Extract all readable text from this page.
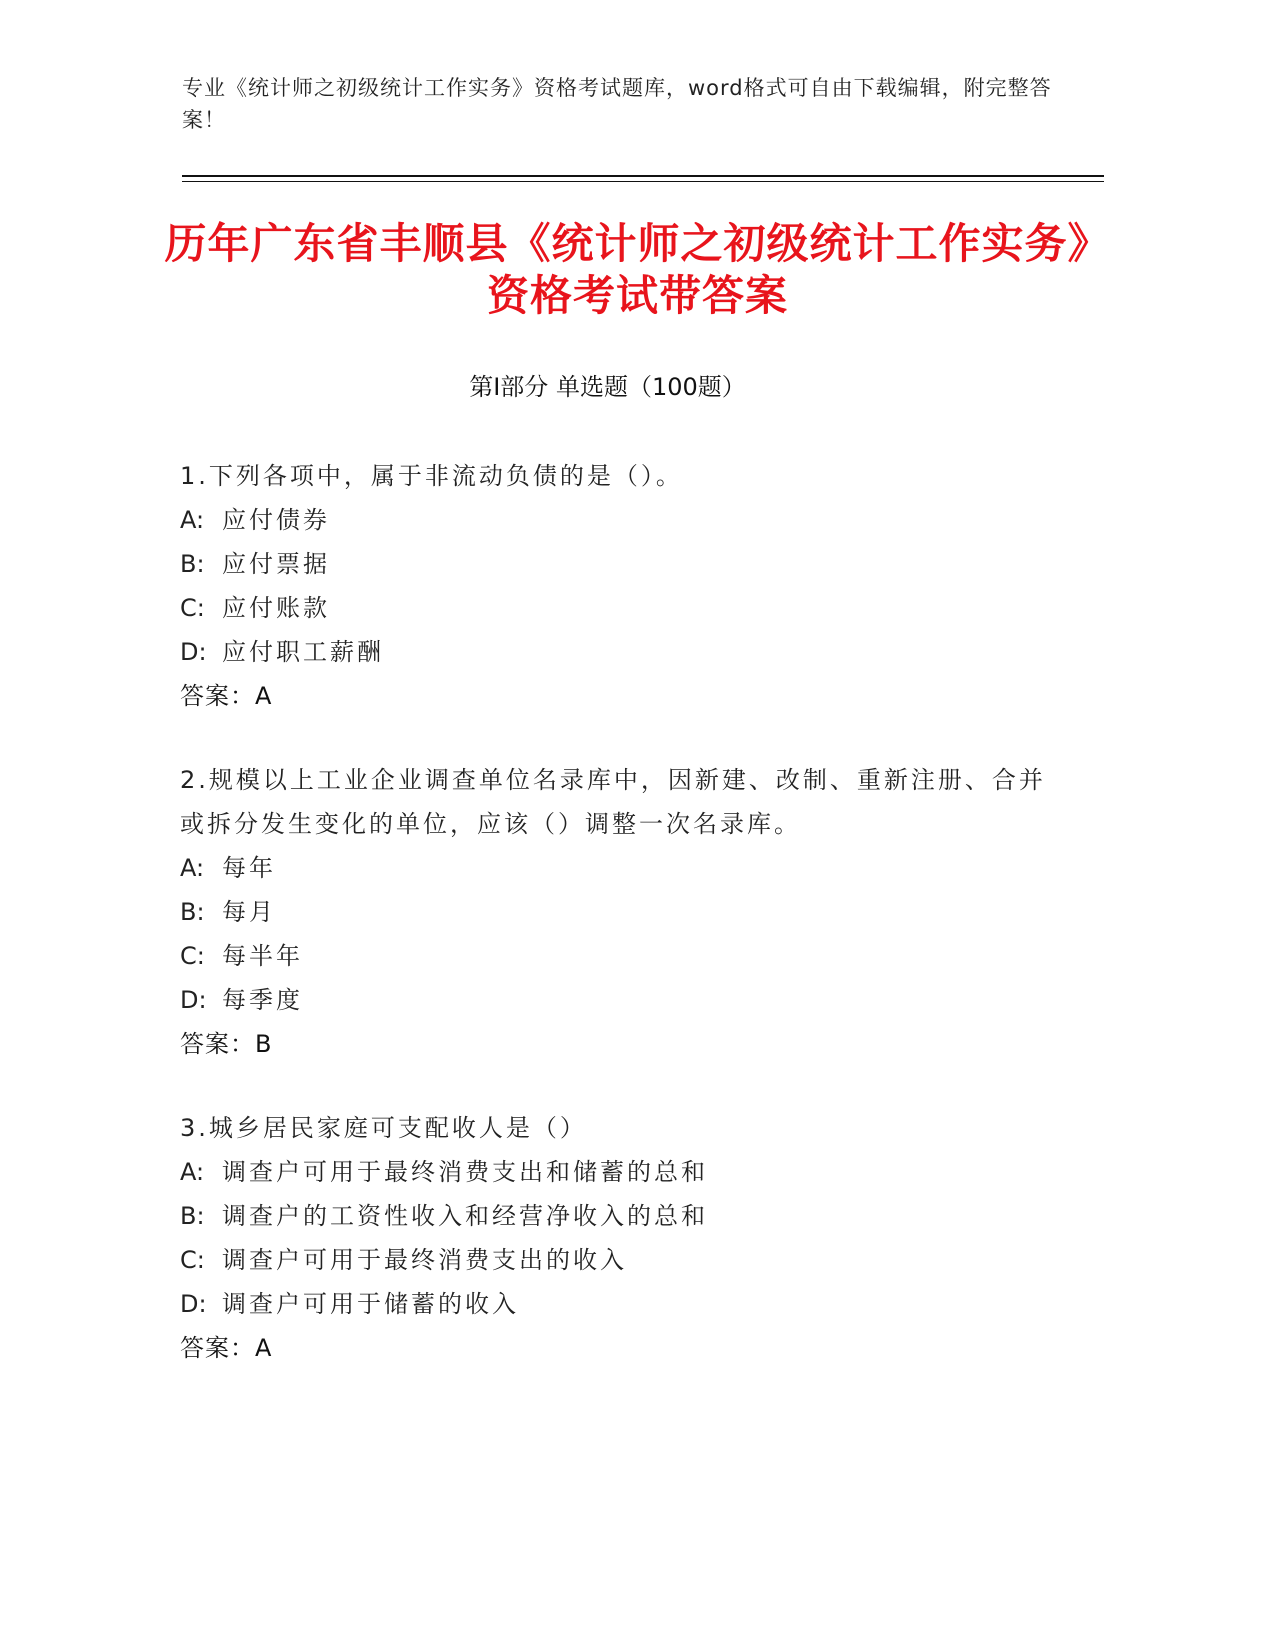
专业《统计师之初级统计工作实务》资格考试题库，word格式可自由下载编辑，附完整答案！
历年广东省丰顺县《统计师之初级统计工作实务》资格考试带答案
第Ⅰ部分 单选题（100题）
1.下列各项中，属于非流动负债的是（）。
A: 应付债券
B: 应付票据
C: 应付账款
D: 应付职工薪酬
答案：A
2.规模以上工业企业调查单位名录库中，因新建、改制、重新注册、合并或拆分发生变化的单位，应该（）调整一次名录库。
A: 每年
B: 每月
C: 每半年
D: 每季度
答案：B
3.城乡居民家庭可支配收人是（）
A: 调查户可用于最终消费支出和储蓄的总和
B: 调查户的工资性收入和经营净收入的总和
C: 调查户可用于最终消费支出的收入
D: 调查户可用于储蓄的收入
答案：A
